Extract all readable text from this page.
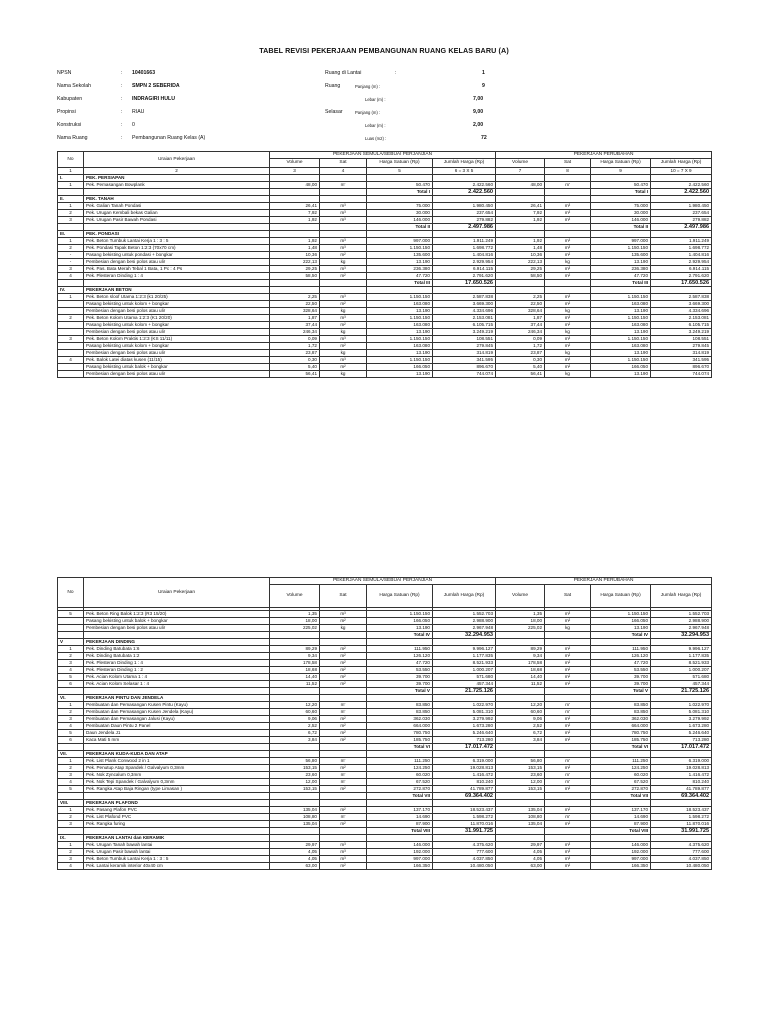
TABEL REVISI PEKERJAAN PEMBANGUNAN RUANG KELAS BARU (A)
NPSN	: 10401663
Nama Sekolah	: SMPN 2 SEBERIDA
Kabupaten	: INDRAGIRI HULU
Propinsi	: RIAU
Konstruksi	: 0
Nama Ruang	: Pembangunan Ruang Kelas (A)
Ruang di Lantai	:	1
Ruang	Panjang (m) :	9
Lebar (m) :	7,00
Selasar	Panjang (m) :	9,00
Lebar (m) :	2,00
Luas (m2) :	72
No	Uraian Pekerjaan	PEKERJAAN SEMULA/SEBUAI PERJANJIAN				PEKERJAAN PERUBAHAN			
		Volume	Sat	Harga Satuan (Rp)	Jumlah Harga (Rp)	Volume	Sat	Harga Satuan (Rp)	Jumlah Harga (Rp)
1	2	3	4	5	6 = 3 X 5	7	8	9	10 = 7 X 9
I.	PEK. PERSIAPAN								
1	Pek. Pemasangan Bowplank	48,00	m'	50.470	2.422.560	48,00	m'	50.470	2.422.560
				Total I	2.422.560			Total I	2.422.560
II.	PEK. TANAH								
1	Pek. Galian Tanah Pondasi	26,41	m³	75.000	1.980.450	26,41	m³	75.000	1.980.450
2	Pek. Urugan Kembali bekas Galian	7,92	m³	30.000	237.654	7,92	m³	30.000	237.654
3	Pek. Urugan Pasir Bawah Pondasi	1,92	m³	146.000	279.882	1,92	m³	146.000	279.882
				Total II	2.497.986			Total II	2.497.986
III.	PEK. PONDASI								
1	Pek. Beton Tumbuk Lantai Kerja 1 : 3 : 5	1,92	m³	997.000	1.911.249	1,92	m³	997.000	1.911.249
2	Pek. Pondasi Tapak Beton 1:2:3 (70x70 cm)	1,48	m³	1.150.150	1.698.772	1,48	m³	1.150.150	1.698.772
-	Pasang bekisting untuk pondasi + bongkar	10,36	m²	135.600	1.404.816	10,36	m²	135.600	1.404.816
-	Pembesian dengan besi polos atau ulir	222,13	kg	13.190	2.929.954	222,13	kg	13.190	2.929.954
3	Pek. Pas. Bata Merah Tebal 1 Bata, 1 Pc : 4 Ps	29,25	m³	236.380	6.914.115	29,25	m³	236.380	6.914.115
4	Pek. Plesteran Dinding 1 : 4	58,50	m²	47.720	2.791.620	58,50	m²	47.720	2.791.620
				Total III	17.650.526			Total III	17.650.526
IV.	PEKERJAAN BETON								
1	Pek. Beton sloof Utama 1:2:3 (k1 20/25)	2,25	m³	1.150.150	2.587.838	2,25	m³	1.150.150	2.587.838
	Pasang bekisting untuk kolom + bongkar	22,50	m²	163.080	3.669.300	22,50	m²	163.080	3.669.300
	Pembesian dengan besi polos atau ulir	328,64	kg	13.190	4.334.696	328,64	kg	13.190	4.334.696
2	Pek. Beton Kolom Utama 1:2:3 (K1 20/20)	1,87	m³	1.150.150	2.153.081	1,87	m³	1.150.150	2.153.081
	Pasang bekisting untuk kolom + bongkar	37,44	m²	163.080	6.105.715	37,44	m²	163.080	6.105.715
	Pembesian dengan besi polos atau ulir	246,34	kg	13.190	3.249.219	246,34	kg	13.190	3.249.219
3	Pek. Beton Kolom Praktis 1:2:3 (KS 11/11)	0,09	m³	1.150.150	108.551	0,09	m³	1.150.150	108.551
	Pasang bekisting untuk kolom + bongkar	1,72	m²	163.080	279.845	1,72	m²	163.080	279.845
	Pembesian dengan besi polos atau ulir	23,87	kg	13.190	314.819	23,87	kg	13.190	314.819
4	Pek. Balok Latei diatas kusen (11/15)	0,30	m³	1.150.150	341.595	0,30	m³	1.150.150	341.595
	Pasang bekisting untuk balok + bongkar	5,40	m²	166.050	896.670	5,40	m²	166.050	896.670
	Pembesian dengan besi polos atau ulir	56,41	kg	13.190	744.074	56,41	kg	13.190	744.074
No	Uraian Pekerjaan	PEKERJAAN SEMULA/SEBUAI PERJANJIAN				PEKERJAAN PERUBAHAN			
		Volume	Sat	Harga Satuan (Rp)	Jumlah Harga (Rp)	Volume	Sat	Harga Satuan (Rp)	Jumlah Harga (Rp)

5	Pek. Beton Ring Balok 1:2:3 (R3 15/20)	1,35	m³	1.150.150	1.552.703	1,35	m³	1.150.150	1.552.703
	Pasang bekisting untuk balok + bongkar	18,00	m²	166.050	2.988.900	18,00	m²	166.050	2.988.900
	Pembesian dengan besi polos atau ulir	225,02	kg	13.190	2.967.948	225,02	kg	13.190	2.967.948
				Total IV	32.294.953			Total IV	32.294.953
V	PEKERJAAN DINDING								
1	Pek. Dinding Batubata 1:6	89,29	m²	111.950	9.996.127	89,29	m²	111.950	9.996.127
2	Pek. Dinding Batubata 1:2	9,34	m²	126.120	1.177.835	9,34	m²	126.120	1.177.835
3	Pek. Plesteran Dinding 1 : 4	178,58	m²	47.720	8.521.933	178,58	m²	47.720	8.521.933
4	Pek. Plesteran Dinding 1 : 2	18,68	m²	53.550	1.000.207	18,68	m²	53.550	1.000.207
5	Pek. Acian Kolom Utama 1 : 4	14,40	m²	39.700	571.680	14,40	m²	39.700	571.680
6	Pek. Acian Kolom Selasar 1 : 4	11,52	m²	39.700	457.344	11,52	m²	39.700	457.344
				Total V	21.725.126			Total V	21.725.126
VI.	PEKERJAAN PINTU DAN JENDELA								
1	Pembuatan dan Pemasangan Kusen Pintu (Kayu)	12,20	m'	83.850	1.022.970	12,20	m'	83.850	1.022.970
2	Pembuatan dan Pemasangan Kusen Jendela (Kayu)	60,60	m'	83.850	5.081.310	60,60	m'	83.850	5.081.310
3	Pembuatan dan Pemasangan Jalusi (Kayu)	9,06	m²	362.030	3.279.992	9,06	m²	362.030	3.279.992
4	Pembuatan Daun Pintu 2 Panel	2,52	m²	664.000	1.673.280	2,52	m²	664.000	1.673.280
5	Daun Jendela J1	6,72	m²	780.750	5.246.640	6,72	m²	780.750	5.246.640
6	Kaca Mati 5 mm	3,84	m²	185.750	713.280	3,84	m²	185.750	713.280
				Total VI	17.017.472			Total VI	17.017.472
VII.	PEKERJAAN KUDA-KUDA DAN ATAP								
1	Pek. List Plank Conwood 2 in 1	56,80	m'	111.250	6.319.000	56,80	m'	111.250	6.319.000
2	Pek. Penutup Atap Spandek / Galvalyum 0,3mm	153,15	m²	124.250	19.028.813	153,15	m²	124.250	19.028.813
3	Pek. Nok Zyncalum 0,3mm	23,60	m'	60.020	1.416.472	23,60	m'	60.020	1.416.472
4	Pek. Nok Tepi Spandek / Galvalyum 0,3mm	12,00	m'	67.520	810.240	12,00	m'	67.520	810.240
5	Pek. Rangka Atap Baja Ringan (type Limasan )	153,15	m²	272.870	41.789.877	153,15	m²	272.870	41.789.877
				Total VII	69.364.402			Total VII	69.364.402
VIII.	PEKERJAAN PLAFOND								
1	Pek. Pasang Plafon PVC	135,04	m²	137.170	18.523.437	135,04	m²	137.170	18.523.437
2	Pek. List Plafond PVC	108,80	m'	14.690	1.598.272	108,80	m'	14.690	1.598.272
3	Pek. Rangka furing	135,04	m²	87.900	11.870.016	135,04	m²	87.900	11.870.016
				Total VIII	31.991.725			Total VIII	31.991.725
IX.	PEKERJAAN LANTAI dan KERAMIK								
1	Pek. Urugan Tanah bawah lantai	29,97	m³	146.000	4.375.620	29,97	m³	146.000	4.375.620
2	Pek. Urugan Pasir bawah lantai	4,05	m³	192.000	777.600	4,05	m³	192.000	777.600
3	Pek. Beton Tumbuk Lantai Kerja 1 : 3 : 5	4,05	m³	997.000	4.037.850	4,05	m³	997.000	4.037.850
4	Pek. Lantai keramik interior 40x40 cm	63,00	m²	166.350	10.480.050	63,00	m²	166.350	10.480.050
